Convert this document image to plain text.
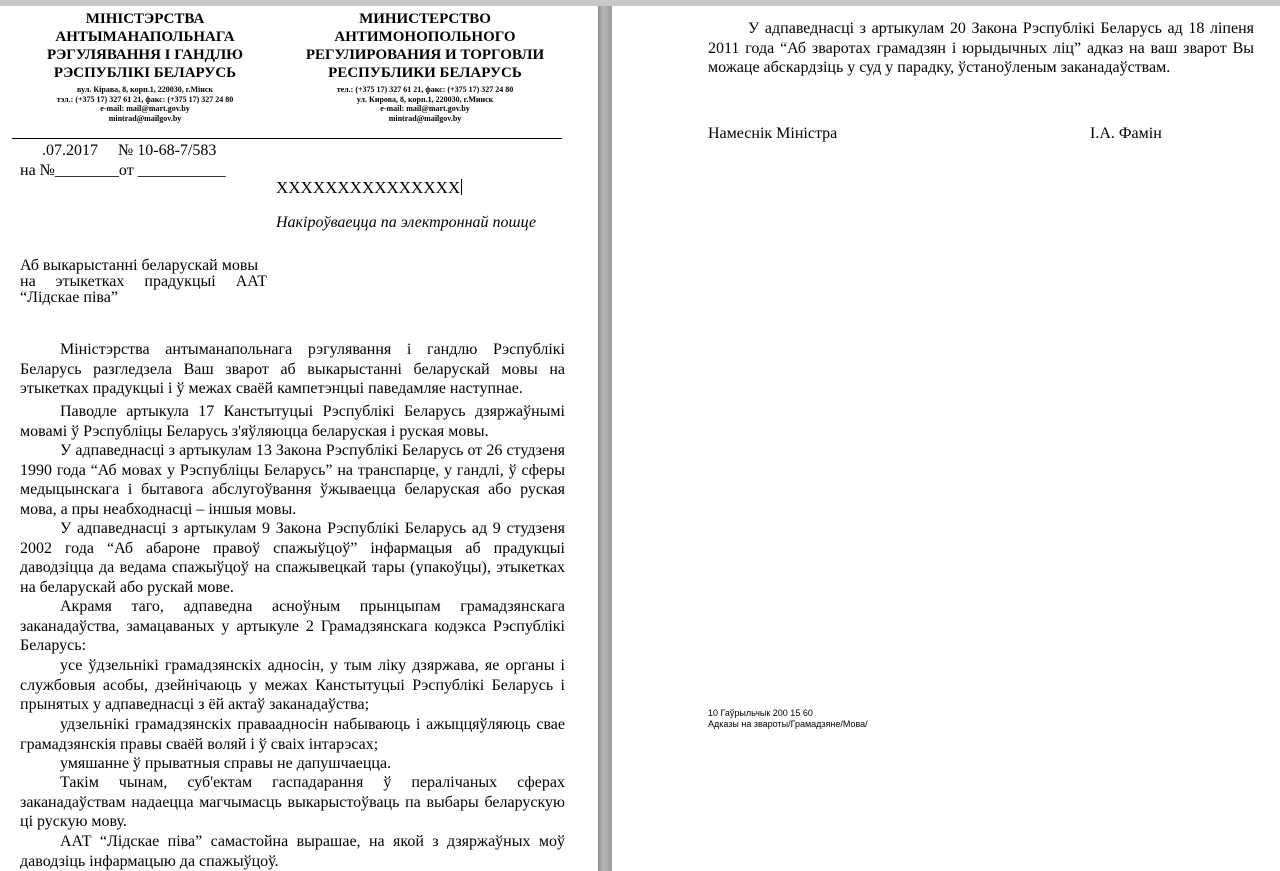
МІНІСТЭРСТВА
АНТЫМАНАПОЛЬНАГА
РЭГУЛЯВАННЯ І ГАНДЛЮ
РЭСПУБЛІКІ БЕЛАРУСЬ
вул. Кірава, 8, корп.1, 220030, г.Мінск
тэл.: (+375 17) 327 61 21, факс: (+375 17) 327 24 80
e-mail: mail@mart.gov.by
mintrad@mailgov.by
МИНИСТЕРСТВО
АНТИМОНОПОЛЬНОГО
РЕГУЛИРОВАНИЯ И ТОРГОВЛИ
РЕСПУБЛИКИ БЕЛАРУСЬ
тел.: (+375 17) 327 61 21, факс: (+375 17) 327 24 80
ул. Кирова, 8, корп.1, 220030, г.Минск
e-mail: mail@mart.gov.by
mintrad@mailgov.by
.07.2017     № 10-68-7/583
на №________от ___________
XXXXXXXXXXXXXXX
Накіроўваецца па электроннай пошце
Аб выкарыстанні беларускай мовы
на     этыкетках     прадукцыі     ААТ
“Лідскае піва”
Міністэрства антыманапольнага рэгулявання і гандлю Рэспублікі Беларусь разгледзела Ваш зварот аб выкарыстанні беларускай мовы на этыкетках прадукцыі і ў межах сваёй кампетэнцыі паведамляе наступнае.
Паводле артыкула 17 Канстытуцыі Рэспублікі Беларусь дзяржаўнымі мовамі ў Рэспубліцы Беларусь з'яўляюцца беларуская і руская мовы.
У адпаведнасці з артыкулам 13 Закона Рэспублікі Беларусь от 26 студзеня 1990 года “Аб мовах у Рэспубліцы Беларусь” на транспарце, у гандлі, ў сферы медыцынскага і бытавога абслугоўвання ўжываецца беларуская або руская мова, а пры неабходнасці – іншыя мовы.
У адпаведнасці з артыкулам 9 Закона Рэспублікі Беларусь ад 9 студзеня 2002 года “Аб абароне правоў спажыўцоў” інфармацыя аб прадукцыі даводзіцца да ведама спажыўцоў на спажывецкай тары (упакоўцы), этыкетках на беларускай або рускай мове.
Акрамя таго, адпаведна асноўным прынцыпам грамадзянскага заканадаўства, замацаваных у артыкуле 2 Грамадзянскага кодэкса Рэспублікі Беларусь:
усе ўдзельнікі грамадзянскіх адносін, у тым ліку дзяржава, яе органы і службовыя асобы, дзейнічаюць у межах Канстытуцыі Рэспублікі Беларусь і прынятых у адпаведнасці з ёй актаў заканадаўства;
удзельнікі грамадзянскіх праваадносін набываюць і ажыццяўляюць свае грамадзянскія правы сваёй воляй і ў сваіх інтарэсах;
умяшанне ў прыватныя справы не дапушчаецца.
Такім чынам, суб'ектам гаспадарання ў пералічаных сферах заканадаўствам надаецца магчымасць выкарыстоўваць па выбары беларускую ці рускую мову.
ААТ “Лідскае піва” самастойна вырашае, на якой з дзяржаўных моў даводзіць інфармацыю да спажыўцоў.
У адпаведнасці з артыкулам 20 Закона Рэспублікі Беларусь ад 18 ліпеня 2011 года “Аб зваротах грамадзян і юрыдычных ліц” адказ на ваш зварот Вы можаце абскардзіць у суд у парадку, ўстаноўленым заканадаўствам.
Намеснік Міністра	І.А. Фамін
10 Гаўрыльчык 200 15 60
Адказы на звароты/Грамадзяне/Мова/
